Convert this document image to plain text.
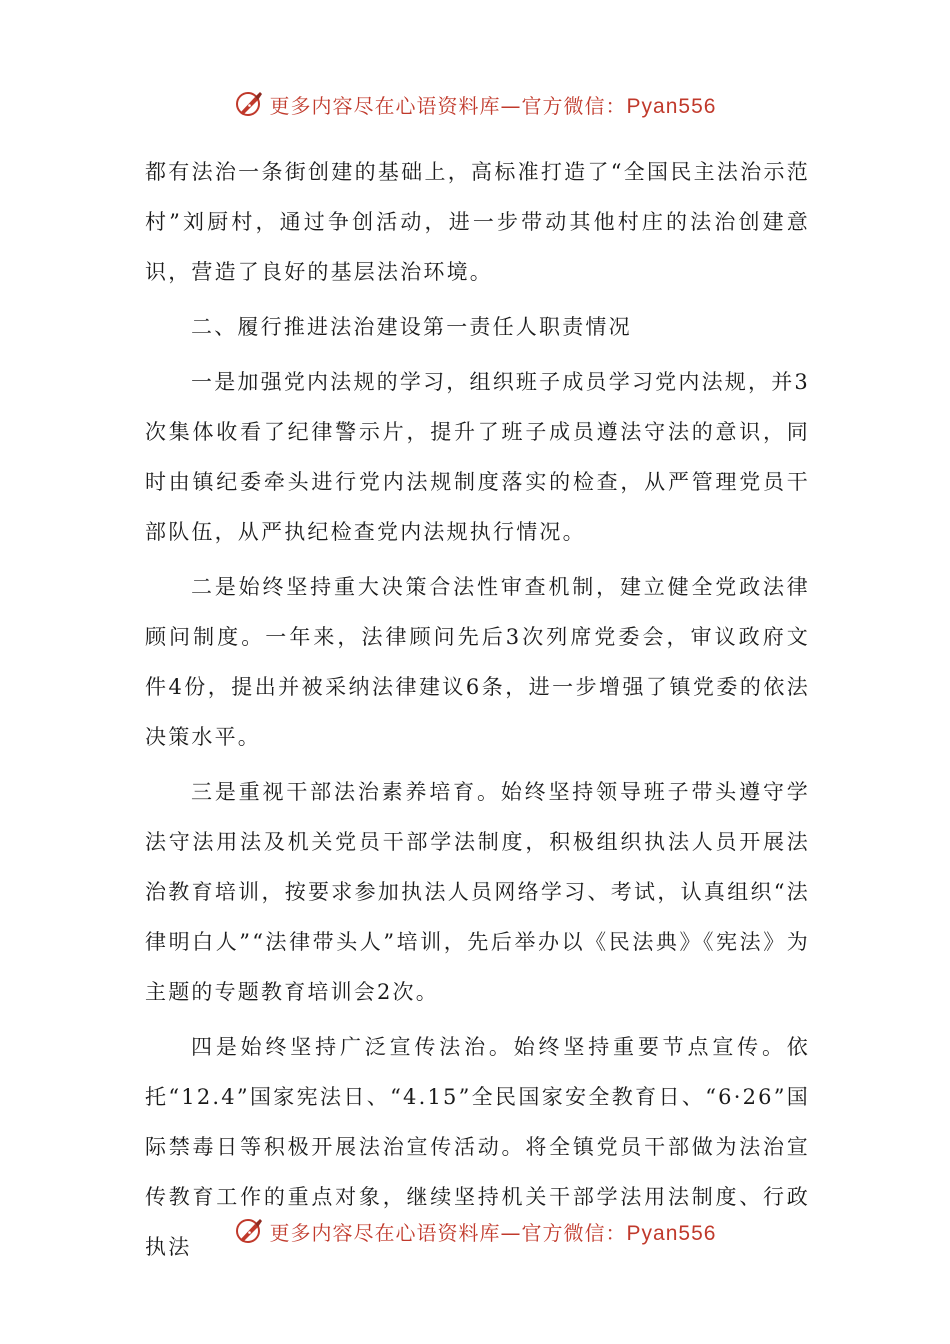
更多内容尽在心语资料库—官方微信：Pyan556

都有法治一条街创建的基础上，高标准打造了“全国民主法治示范村”刘厨村，通过争创活动，进一步带动其他村庄的法治创建意识，营造了良好的基层法治环境。

二、履行推进法治建设第一责任人职责情况

一是加强党内法规的学习，组织班子成员学习党内法规，并3次集体收看了纪律警示片，提升了班子成员遵法守法的意识，同时由镇纪委牵头进行党内法规制度落实的检查，从严管理党员干部队伍，从严执纪检查党内法规执行情况。

二是始终坚持重大决策合法性审查机制，建立健全党政法律顾问制度。一年来，法律顾问先后3次列席党委会，审议政府文件4份，提出并被采纳法律建议6条，进一步增强了镇党委的依法决策水平。

三是重视干部法治素养培育。始终坚持领导班子带头遵守学法守法用法及机关党员干部学法制度，积极组织执法人员开展法治教育培训，按要求参加执法人员网络学习、考试，认真组织“法律明白人”“法律带头人”培训，先后举办以《民法典》《宪法》为主题的专题教育培训会2次。

四是始终坚持广泛宣传法治。始终坚持重要节点宣传。依托“12.4”国家宪法日、“4.15”全民国家安全教育日、“6·26”国际禁毒日等积极开展法治宣传活动。将全镇党员干部做为法治宣传教育工作的重点对象，继续坚持机关干部学法用法制度、行政执法

更多内容尽在心语资料库—官方微信：Pyan556
